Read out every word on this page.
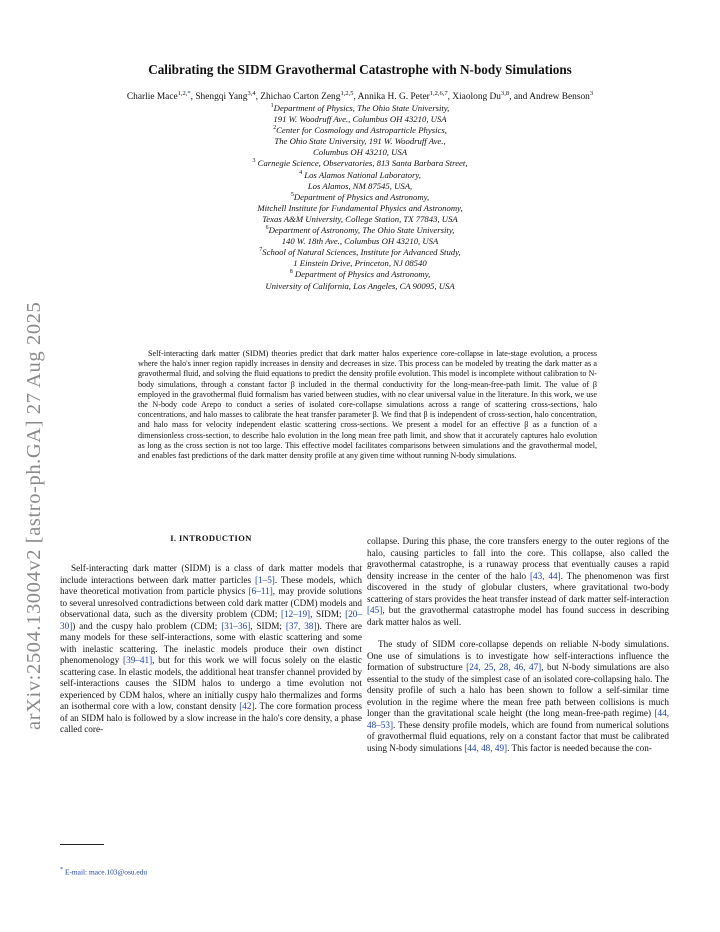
arXiv:2504.13004v2 [astro-ph.GA] 27 Aug 2025
Calibrating the SIDM Gravothermal Catastrophe with N-body Simulations
Charlie Mace$^{1,2,*}$, Shengqi Yang$^{3,4}$, Zhichao Carton Zeng$^{1,2,5}$, Annika H. G. Peter$^{1,2,6,7}$, Xiaolong Du$^{3,8}$, and Andrew Benson$^3$
$^1$Department of Physics, The Ohio State University,
191 W. Woodruff Ave., Columbus OH 43210, USA
$^2$Center for Cosmology and Astroparticle Physics,
The Ohio State University, 191 W. Woodruff Ave.,
Columbus OH 43210, USA
$^3$ Carnegie Science, Observatories, 813 Santa Barbara Street,
$^4$ Los Alamos National Laboratory,
Los Alamos, NM 87545, USA,
$^5$Department of Physics and Astronomy,
Mitchell Institute for Fundamental Physics and Astronomy,
Texas A&M University, College Station, TX 77843, USA
$^6$Department of Astronomy, The Ohio State University,
140 W. 18th Ave., Columbus OH 43210, USA
$^7$School of Natural Sciences, Institute for Advanced Study,
1 Einstein Drive, Princeton, NJ 08540
$^8$ Department of Physics and Astronomy,
University of California, Los Angeles, CA 90095, USA

Self-interacting dark matter (SIDM) theories predict that dark matter halos experience core-collapse in late-stage evolution, a process where the halo's inner region rapidly increases in density and decreases in size. This process can be modeled by treating the dark matter as a gravothermal fluid, and solving the fluid equations to predict the density profile evolution. This model is incomplete without calibration to N-body simulations, through a constant factor β included in the thermal conductivity for the long-mean-free-path limit. The value of β employed in the gravothermal fluid formalism has varied between studies, with no clear universal value in the literature. In this work, we use the N-body code Arepo to conduct a series of isolated core-collapse simulations across a range of scattering cross-sections, halo concentrations, and halo masses to calibrate the heat transfer parameter β. We find that β is independent of cross-section, halo concentration, and halo mass for velocity independent elastic scattering cross-sections. We present a model for an effective β as a function of a dimensionless cross-section, to describe halo evolution in the long mean free path limit, and show that it accurately captures halo evolution as long as the cross section is not too large. This effective model facilitates comparisons between simulations and the gravothermal model, and enables fast predictions of the dark matter density profile at any given time without running N-body simulations.

I. INTRODUCTION

Self-interacting dark matter (SIDM) is a class of dark matter models that include interactions between dark matter particles [1–5]. These models, which have theoretical motivation from particle physics [6–11], may provide solutions to several unresolved contradictions between cold dark matter (CDM) models and observational data, such as the diversity problem (CDM; [12–19], SIDM; [20–30]) and the cuspy halo problem (CDM; [31–36], SIDM; [37, 38]). There are many models for these self-interactions, some with elastic scattering and some with inelastic scattering. The inelastic models produce their own distinct phenomenology [39–41], but for this work we will focus solely on the elastic scattering case. In elastic models, the additional heat transfer channel provided by self-interactions causes the SIDM halos to undergo a time evolution not experienced by CDM halos, where an initially cuspy halo thermalizes and forms an isothermal core with a low, constant density [42]. The core formation process of an SIDM halo is followed by a slow increase in the halo's core density, a phase called core-

collapse. During this phase, the core transfers energy to the outer regions of the halo, causing particles to fall into the core. This collapse, also called the gravothermal catastrophe, is a runaway process that eventually causes a rapid density increase in the center of the halo [43, 44]. The phenomenon was first discovered in the study of globular clusters, where gravitational two-body scattering of stars provides the heat transfer instead of dark matter self-interaction [45], but the gravothermal catastrophe model has found success in describing dark matter halos as well.

The study of SIDM core-collapse depends on reliable N-body simulations. One use of simulations is to investigate how self-interactions influence the formation of substructure [24, 25, 28, 46, 47], but N-body simulations are also essential to the study of the simplest case of an isolated core-collapsing halo. The density profile of such a halo has been shown to follow a self-similar time evolution in the regime where the mean free path between collisions is much longer than the gravitational scale height (the long mean-free-path regime) [44, 48–53]. These density profile models, which are found from numerical solutions of gravothermal fluid equations, rely on a constant factor that must be calibrated using N-body simulations [44, 48, 49]. This factor is needed because the con-

* E-mail: mace.103@osu.edu
